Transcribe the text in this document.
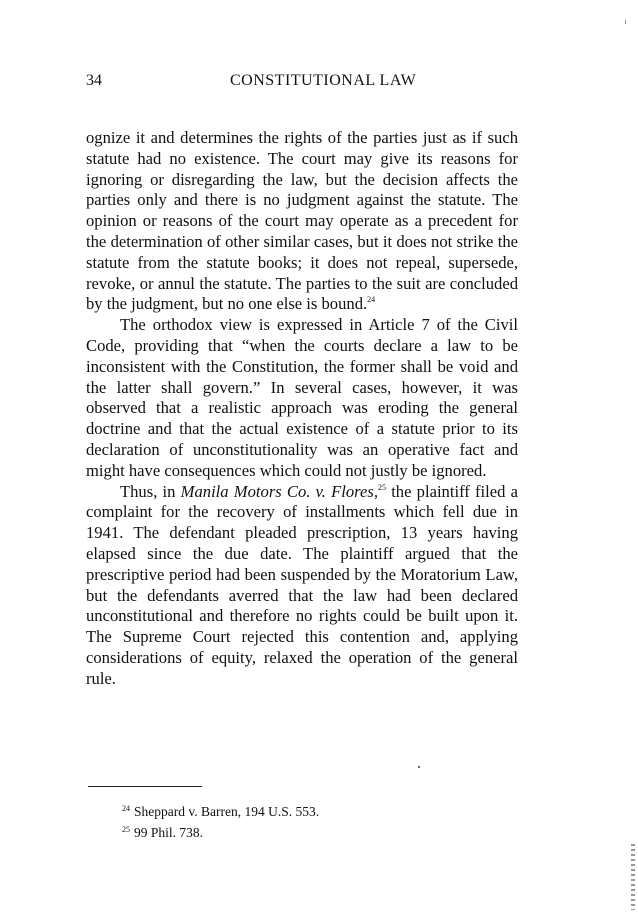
34	CONSTITUTIONAL LAW

ognize it and determines the rights of the parties just as if such statute had no existence. The court may give its reasons for ignoring or disregarding the law, but the decision affects the parties only and there is no judgment against the statute. The opinion or reasons of the court may operate as a precedent for the determination of other similar cases, but it does not strike the statute from the statute books; it does not repeal, supersede, revoke, or annul the statute. The parties to the suit are concluded by the judgment, but no one else is bound.$^{24}$

The orthodox view is expressed in Article 7 of the Civil Code, providing that “when the courts declare a law to be inconsistent with the Constitution, the former shall be void and the latter shall govern.” In several cases, however, it was observed that a realistic approach was eroding the general doctrine and that the actual existence of a statute prior to its declaration of unconstitutionality was an operative fact and might have consequences which could not justly be ignored.

Thus, in Manila Motors Co. v. Flores,$^{25}$ the plaintiff filed a complaint for the recovery of installments which fell due in 1941. The defendant pleaded prescription, 13 years having elapsed since the due date. The plaintiff argued that the prescriptive period had been suspended by the Moratorium Law, but the defendants averred that the law had been declared unconstitutional and therefore no rights could be built upon it. The Supreme Court rejected this contention and, applying considerations of equity, relaxed the operation of the general rule.

$^{24}$ Sheppard v. Barren, 194 U.S. 553.

$^{25}$ 99 Phil. 738.
